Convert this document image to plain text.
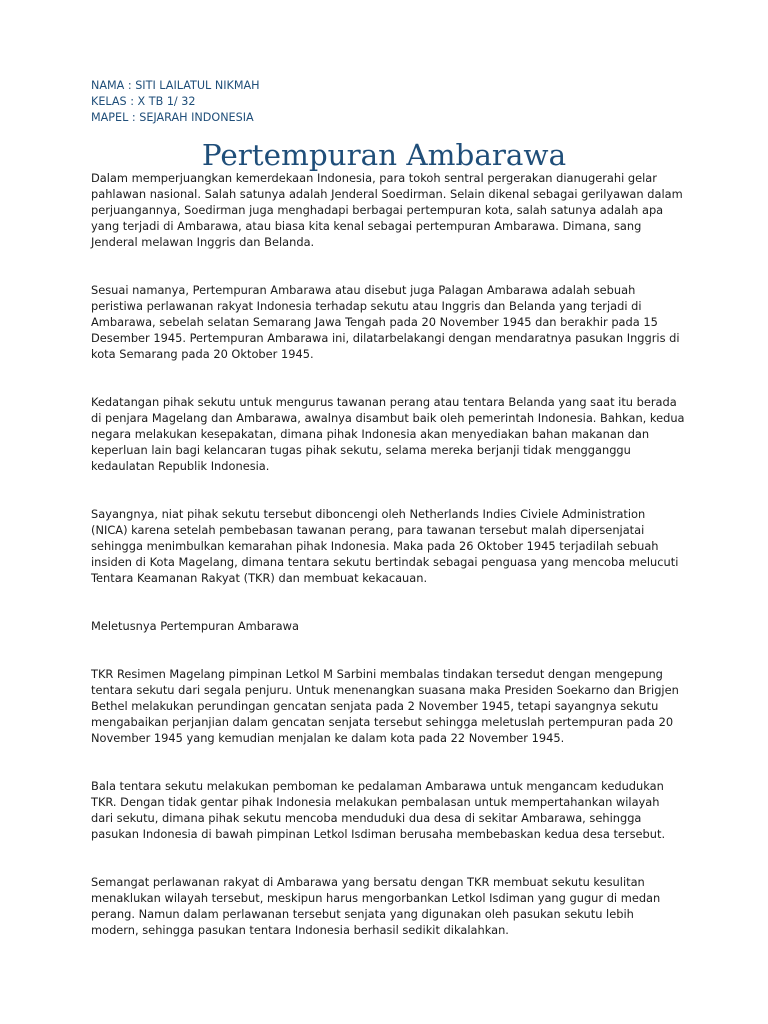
NAMA : SITI LAILATUL NIKMAH
KELAS : X TB 1/ 32
MAPEL : SEJARAH INDONESIA
Pertempuran Ambarawa

Dalam memperjuangkan kemerdekaan Indonesia, para tokoh sentral pergerakan dianugerahi gelar pahlawan nasional. Salah satunya adalah Jenderal Soedirman. Selain dikenal sebagai gerilyawan dalam perjuangannya, Soedirman juga menghadapi berbagai pertempuran kota, salah satunya adalah apa yang terjadi di Ambarawa, atau biasa kita kenal sebagai pertempuran Ambarawa. Dimana, sang Jenderal melawan Inggris dan Belanda.

Sesuai namanya, Pertempuran Ambarawa atau disebut juga Palagan Ambarawa adalah sebuah peristiwa perlawanan rakyat Indonesia terhadap sekutu atau Inggris dan Belanda yang terjadi di Ambarawa, sebelah selatan Semarang Jawa Tengah pada 20 November 1945 dan berakhir pada 15 Desember 1945. Pertempuran Ambarawa ini, dilatarbelakangi dengan mendaratnya pasukan Inggris di kota Semarang pada 20 Oktober 1945.

Kedatangan pihak sekutu untuk mengurus tawanan perang atau tentara Belanda yang saat itu berada di penjara Magelang dan Ambarawa, awalnya disambut baik oleh pemerintah Indonesia. Bahkan, kedua negara melakukan kesepakatan, dimana pihak Indonesia akan menyediakan bahan makanan dan keperluan lain bagi kelancaran tugas pihak sekutu, selama mereka berjanji tidak mengganggu kedaulatan Republik Indonesia.

Sayangnya, niat pihak sekutu tersebut diboncengi oleh Netherlands Indies Civiele Administration (NICA) karena setelah pembebasan tawanan perang, para tawanan tersebut malah dipersenjatai sehingga menimbulkan kemarahan pihak Indonesia. Maka pada 26 Oktober 1945 terjadilah sebuah insiden di Kota Magelang, dimana tentara sekutu bertindak sebagai penguasa yang mencoba melucuti Tentara Keamanan Rakyat (TKR) dan membuat kekacauan.

Meletusnya Pertempuran Ambarawa

TKR Resimen Magelang pimpinan Letkol M Sarbini membalas tindakan tersedut dengan mengepung tentara sekutu dari segala penjuru. Untuk menenangkan suasana maka Presiden Soekarno dan Brigjen Bethel melakukan perundingan gencatan senjata pada 2 November 1945, tetapi sayangnya sekutu mengabaikan perjanjian dalam gencatan senjata tersebut sehingga meletuslah pertempuran pada 20 November 1945 yang kemudian menjalan ke dalam kota pada 22 November 1945.

Bala tentara sekutu melakukan pemboman ke pedalaman Ambarawa untuk mengancam kedudukan TKR. Dengan tidak gentar pihak Indonesia melakukan pembalasan untuk mempertahankan wilayah dari sekutu, dimana pihak sekutu mencoba menduduki dua desa di sekitar Ambarawa, sehingga pasukan Indonesia di bawah pimpinan Letkol Isdiman berusaha membebaskan kedua desa tersebut.

Semangat perlawanan rakyat di Ambarawa yang bersatu dengan TKR membuat sekutu kesulitan menaklukan wilayah tersebut, meskipun harus mengorbankan Letkol Isdiman yang gugur di medan perang. Namun dalam perlawanan tersebut senjata yang digunakan oleh pasukan sekutu lebih modern, sehingga pasukan tentara Indonesia berhasil sedikit dikalahkan.
